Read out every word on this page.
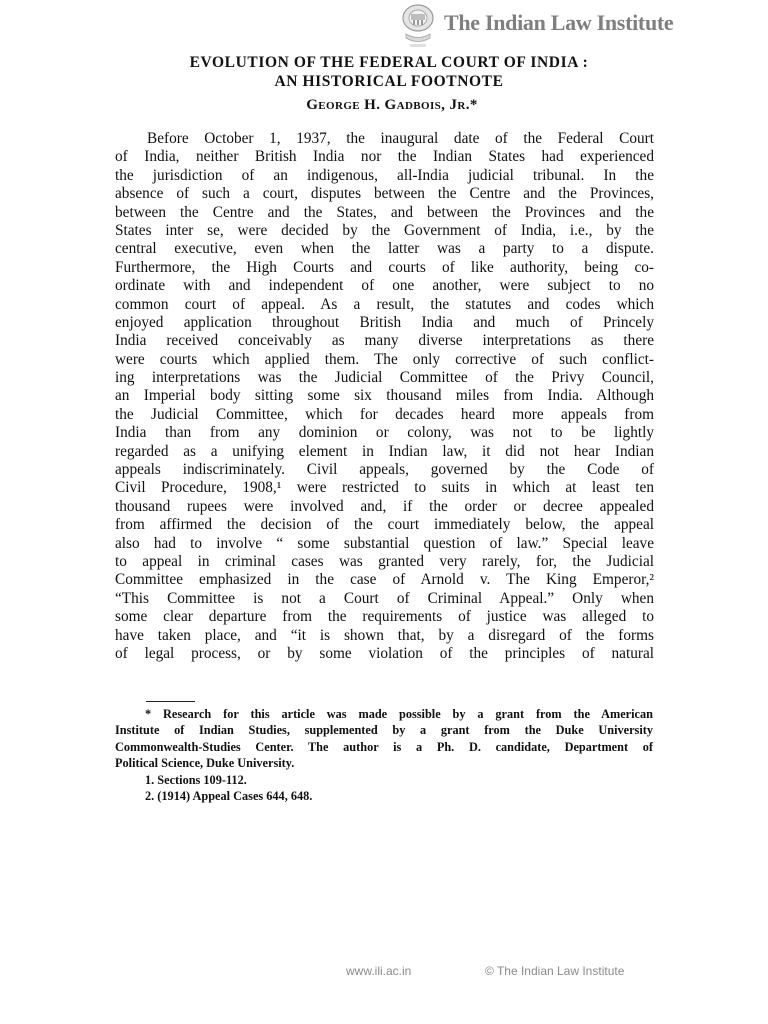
The Indian Law Institute
EVOLUTION OF THE FEDERAL COURT OF INDIA :
AN HISTORICAL FOOTNOTE
George H. Gadbois, Jr.*
Before October 1, 1937, the inaugural date of the Federal Court
of India, neither British India nor the Indian States had experienced
the jurisdiction of an indigenous, all-India judicial tribunal. In the
absence of such a court, disputes between the Centre and the Provinces,
between the Centre and the States, and between the Provinces and the
States inter se, were decided by the Government of India, i.e., by the
central executive, even when the latter was a party to a dispute.
Furthermore, the High Courts and courts of like authority, being co-
ordinate with and independent of one another, were subject to no
common court of appeal. As a result, the statutes and codes which
enjoyed application throughout British India and much of Princely
India received conceivably as many diverse interpretations as there
were courts which applied them. The only corrective of such conflict-
ing interpretations was the Judicial Committee of the Privy Council,
an Imperial body sitting some six thousand miles from India. Although
the Judicial Committee, which for decades heard more appeals from
India than from any dominion or colony, was not to be lightly
regarded as a unifying element in Indian law, it did not hear Indian
appeals indiscriminately. Civil appeals, governed by the Code of
Civil Procedure, 1908,¹ were restricted to suits in which at least ten
thousand rupees were involved and, if the order or decree appealed
from affirmed the decision of the court immediately below, the appeal
also had to involve “ some substantial question of law.” Special leave
to appeal in criminal cases was granted very rarely, for, the Judicial
Committee emphasized in the case of Arnold v. The King Emperor,²
“This Committee is not a Court of Criminal Appeal.” Only when
some clear departure from the requirements of justice was alleged to
have taken place, and “it is shown that, by a disregard of the forms
of legal process, or by some violation of the principles of natural
* Research for this article was made possible by a grant from the American
Institute of Indian Studies, supplemented by a grant from the Duke University
Commonwealth-Studies Center. The author is a Ph. D. candidate, Department of
Political Science, Duke University.
1. Sections 109-112.
2. (1914) Appeal Cases 644, 648.
www.ili.ac.in	© The Indian Law Institute
